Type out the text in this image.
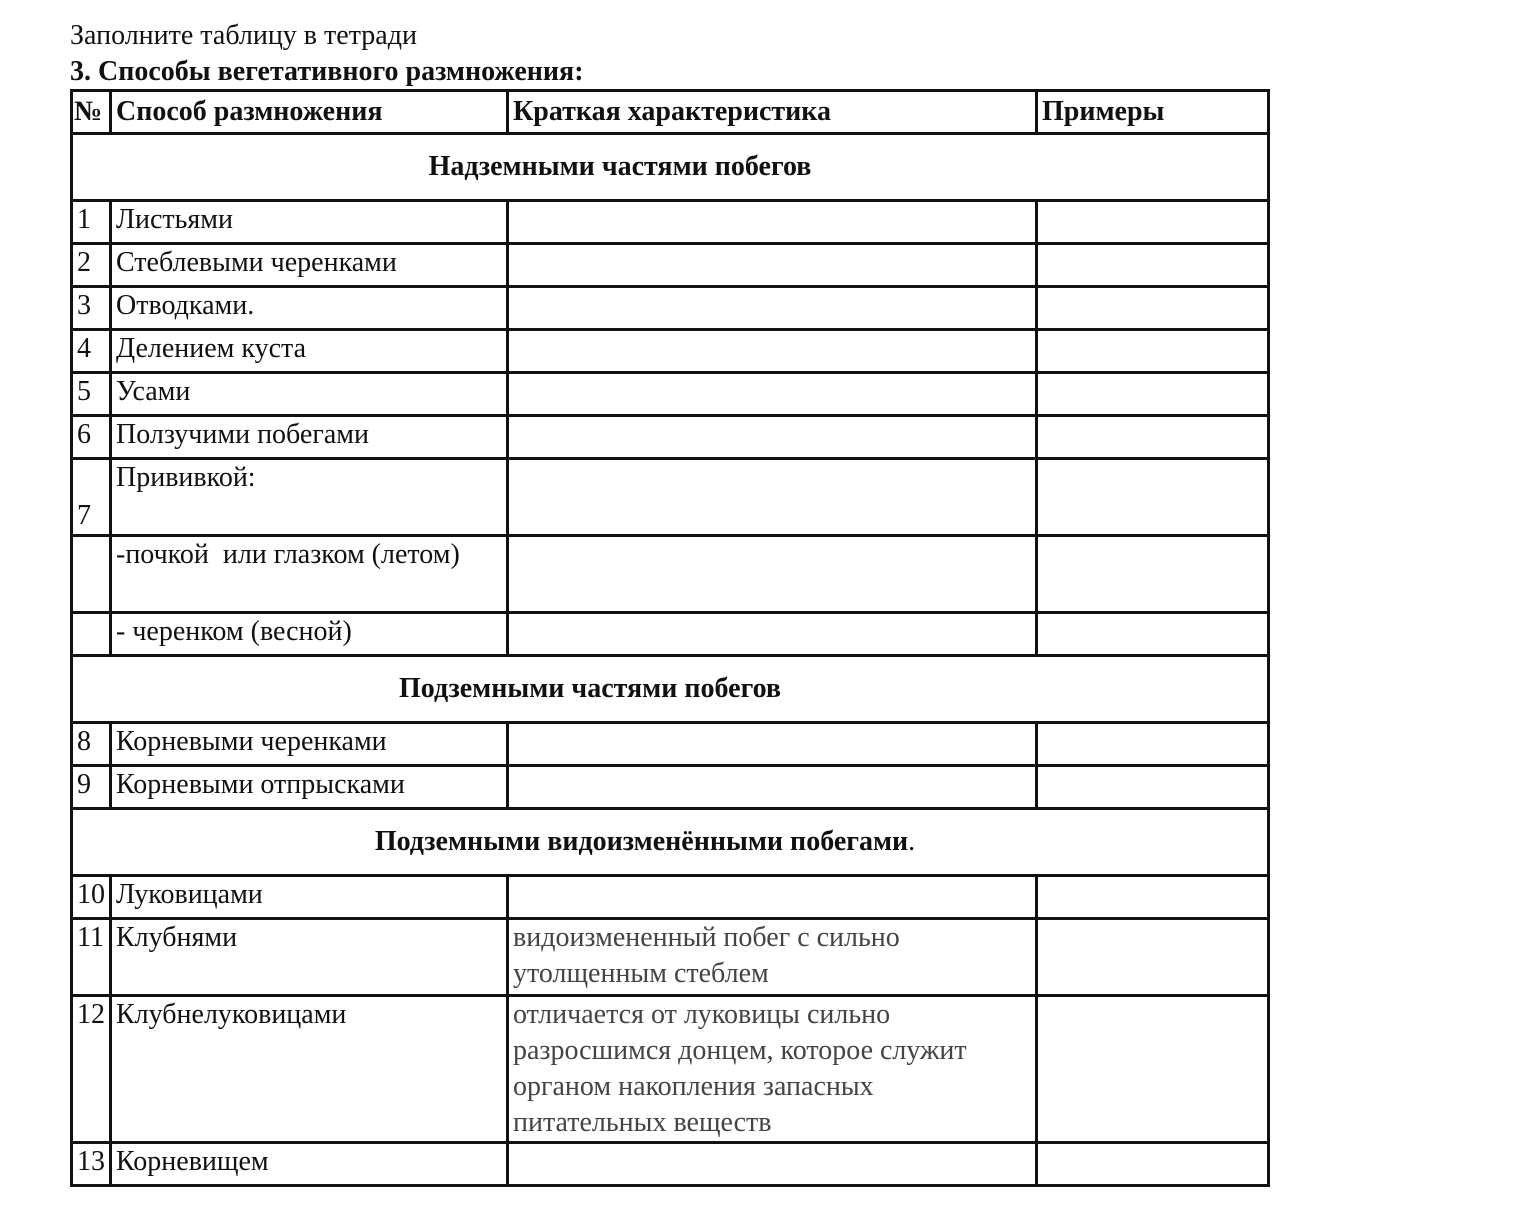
Заполните таблицу в тетради
3. Способы вегетативного размножения:
№	Способ размножения	Краткая характеристика	Примеры
Надземными частями побегов			
1	Листьями		
2	Стеблевыми черенками		
3	Отводками.		
4	Делением куста		
5	Усами		
6	Ползучими побегами		
7	Прививкой:		
	-почкой  или глазком (летом)		
	- черенком (весной)		
Подземными частями побегов			
8	Корневыми черенками		
9	Корневыми отпрысками		
Подземными видоизменёнными побегами.			
10	Луковицами		
11	Клубнями	видоизмененный побег с сильно
утолщенным стеблем	

12	Клубнелуковицами	отличается от луковицы сильно
разросшимся донцем, которое служит
органом накопления запасных
питательных веществ	

13	Корневищем		
